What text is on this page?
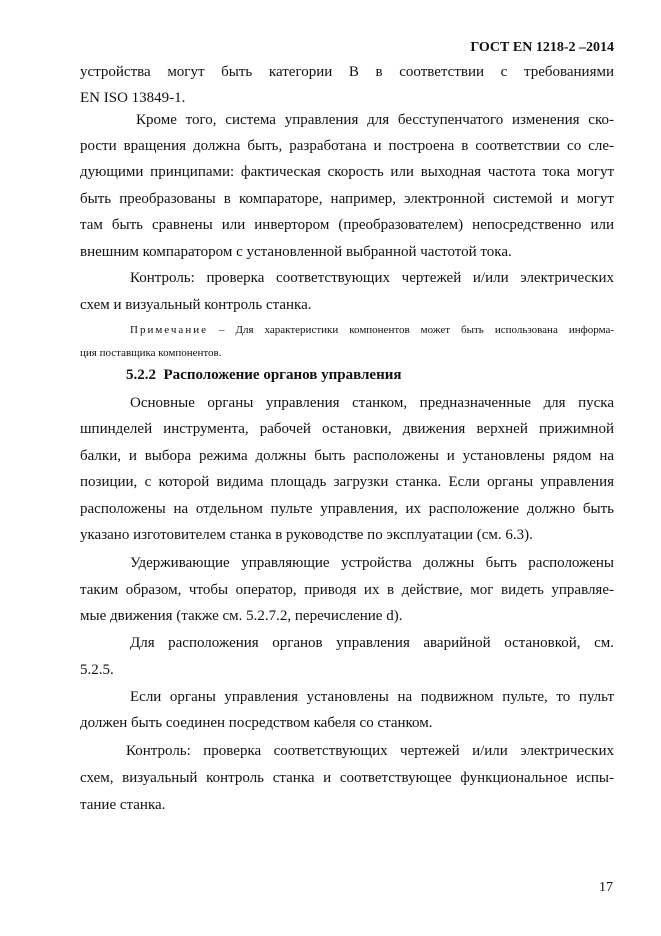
ГОСТ EN 1218-2 –2014
устройства могут быть категории B в соответствии с требованиями
EN ISO 13849-1.
Кроме того, система управления для бесступенчатого изменения ско-
рости вращения должна быть, разработана и построена в соответствии со сле-
дующими принципами: фактическая скорость или выходная частота тока могут
быть преобразованы в компараторе, например, электронной системой и могут
там быть сравнены или инвертором (преобразователем) непосредственно или
внешним компаратором с установленной выбранной частотой тока.
Контроль: проверка соответствующих чертежей и/или электрических
схем и визуальный контроль станка.
Примечание – Для характеристики компонентов может быть использована информа-
ция поставщика компонентов.
5.2.2 Расположение органов управления
Основные органы управления станком, предназначенные для пуска
шпинделей инструмента, рабочей остановки, движения верхней прижимной
балки, и выбора режима должны быть расположены и установлены рядом на
позиции, с которой видима площадь загрузки станка. Если органы управления
расположены на отдельном пульте управления, их расположение должно быть
указано изготовителем станка в руководстве по эксплуатации (см. 6.3).
Удерживающие управляющие устройства должны быть расположены
таким образом, чтобы оператор, приводя их в действие, мог видеть управляе-
мые движения (также см. 5.2.7.2, перечисление d).
Для расположения органов управления аварийной остановкой, см.
5.2.5.
Если органы управления установлены на подвижном пульте, то пульт
должен быть соединен посредством кабеля со станком.
Контроль: проверка соответствующих чертежей и/или электрических
схем, визуальный контроль станка и соответствующее функциональное испы-
тание станка.
17
